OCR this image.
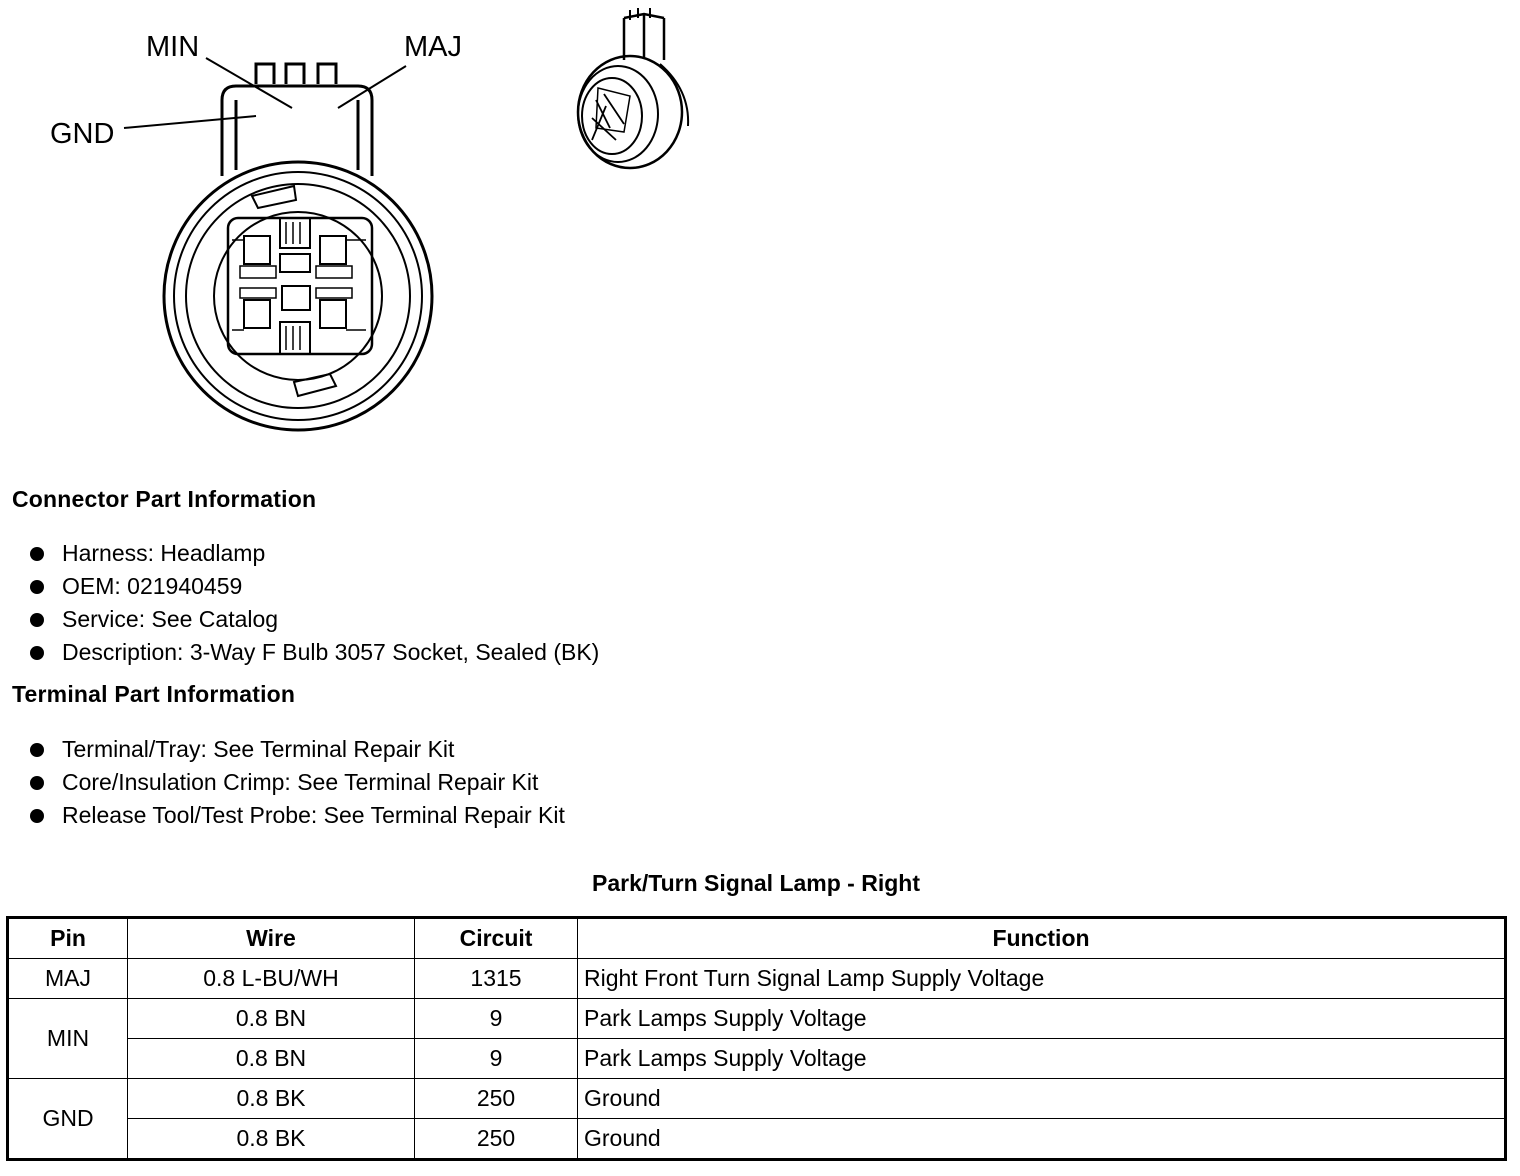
MIN	MAJ
GND
Connector Part Information
Harness: Headlamp
OEM: 021940459
Service: See Catalog
Description: 3-Way F Bulb 3057 Socket, Sealed (BK)
Terminal Part Information
Terminal/Tray: See Terminal Repair Kit
Core/Insulation Crimp: See Terminal Repair Kit
Release Tool/Test Probe: See Terminal Repair Kit
Park/Turn Signal Lamp - Right
Pin	Wire	Circuit	Function
MAJ	0.8 L-BU/WH	1315	Right Front Turn Signal Lamp Supply Voltage
MIN	0.8 BN	9	Park Lamps Supply Voltage
	0.8 BN	9	Park Lamps Supply Voltage
GND	0.8 BK	250	Ground
	0.8 BK	250	Ground
